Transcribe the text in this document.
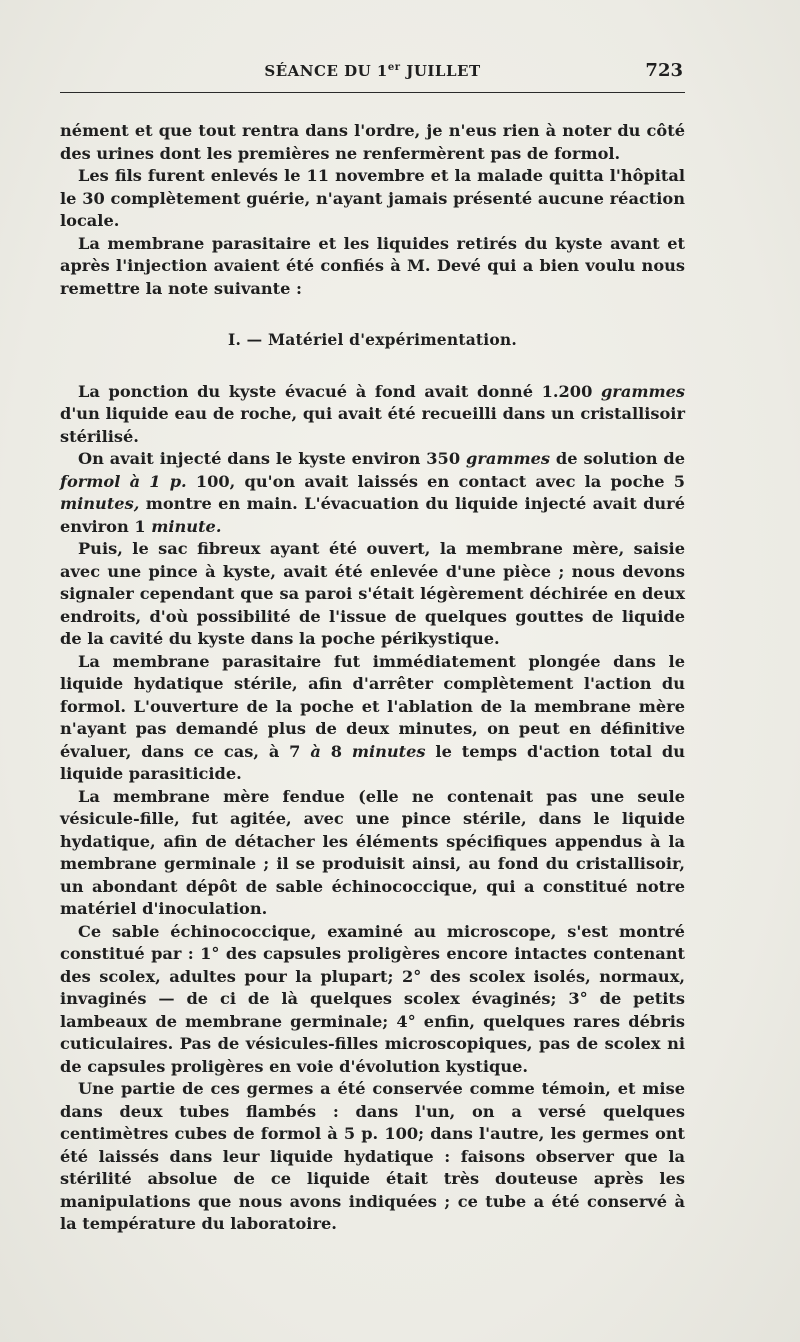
SÉANCE DU 1er JUILLET	723

nément et que tout rentra dans l'ordre, je n'eus rien à noter du côté des urines dont les premières ne renfermèrent pas de formol.

Les fils furent enlevés le 11 novembre et la malade quitta l'hôpital le 30 complètement guérie, n'ayant jamais présenté aucune réaction locale.

La membrane parasitaire et les liquides retirés du kyste avant et après l'injection avaient été confiés à M. Devé qui a bien voulu nous remettre la note suivante :

I. — Matériel d'expérimentation.

La ponction du kyste évacué à fond avait donné 1.200 grammes d'un liquide eau de roche, qui avait été recueilli dans un cristallisoir stérilisé.

On avait injecté dans le kyste environ 350 grammes de solution de formol à 1 p. 100, qu'on avait laissés en contact avec la poche 5 minutes, montre en main. L'évacuation du liquide injecté avait duré environ 1 minute.

Puis, le sac fibreux ayant été ouvert, la membrane mère, saisie avec une pince à kyste, avait été enlevée d'une pièce ; nous devons signaler cependant que sa paroi s'était légèrement déchirée en deux endroits, d'où possibilité de l'issue de quelques gouttes de liquide de la cavité du kyste dans la poche périkystique.

La membrane parasitaire fut immédiatement plongée dans le liquide hydatique stérile, afin d'arrêter complètement l'action du formol. L'ouverture de la poche et l'ablation de la membrane mère n'ayant pas demandé plus de deux minutes, on peut en définitive évaluer, dans ce cas, à 7 à 8 minutes le temps d'action total du liquide parasiticide.

La membrane mère fendue (elle ne contenait pas une seule vésicule-fille, fut agitée, avec une pince stérile, dans le liquide hydatique, afin de détacher les éléments spécifiques appendus à la membrane germinale ; il se produisit ainsi, au fond du cristallisoir, un abondant dépôt de sable échinococcique, qui a constitué notre matériel d'inoculation.

Ce sable échinococcique, examiné au microscope, s'est montré constitué par : 1° des capsules proligères encore intactes contenant des scolex, adultes pour la plupart; 2° des scolex isolés, normaux, invaginés — de ci de là quelques scolex évaginés; 3° de petits lambeaux de membrane germinale; 4° enfin, quelques rares débris cuticulaires. Pas de vésicules-filles microscopiques, pas de scolex ni de capsules proligères en voie d'évolution kystique.

Une partie de ces germes a été conservée comme témoin, et mise dans deux tubes flambés : dans l'un, on a versé quelques centimètres cubes de formol à 5 p. 100; dans l'autre, les germes ont été laissés dans leur liquide hydatique : faisons observer que la stérilité absolue de ce liquide était très douteuse après les manipulations que nous avons indiquées ; ce tube a été conservé à la température du laboratoire.
